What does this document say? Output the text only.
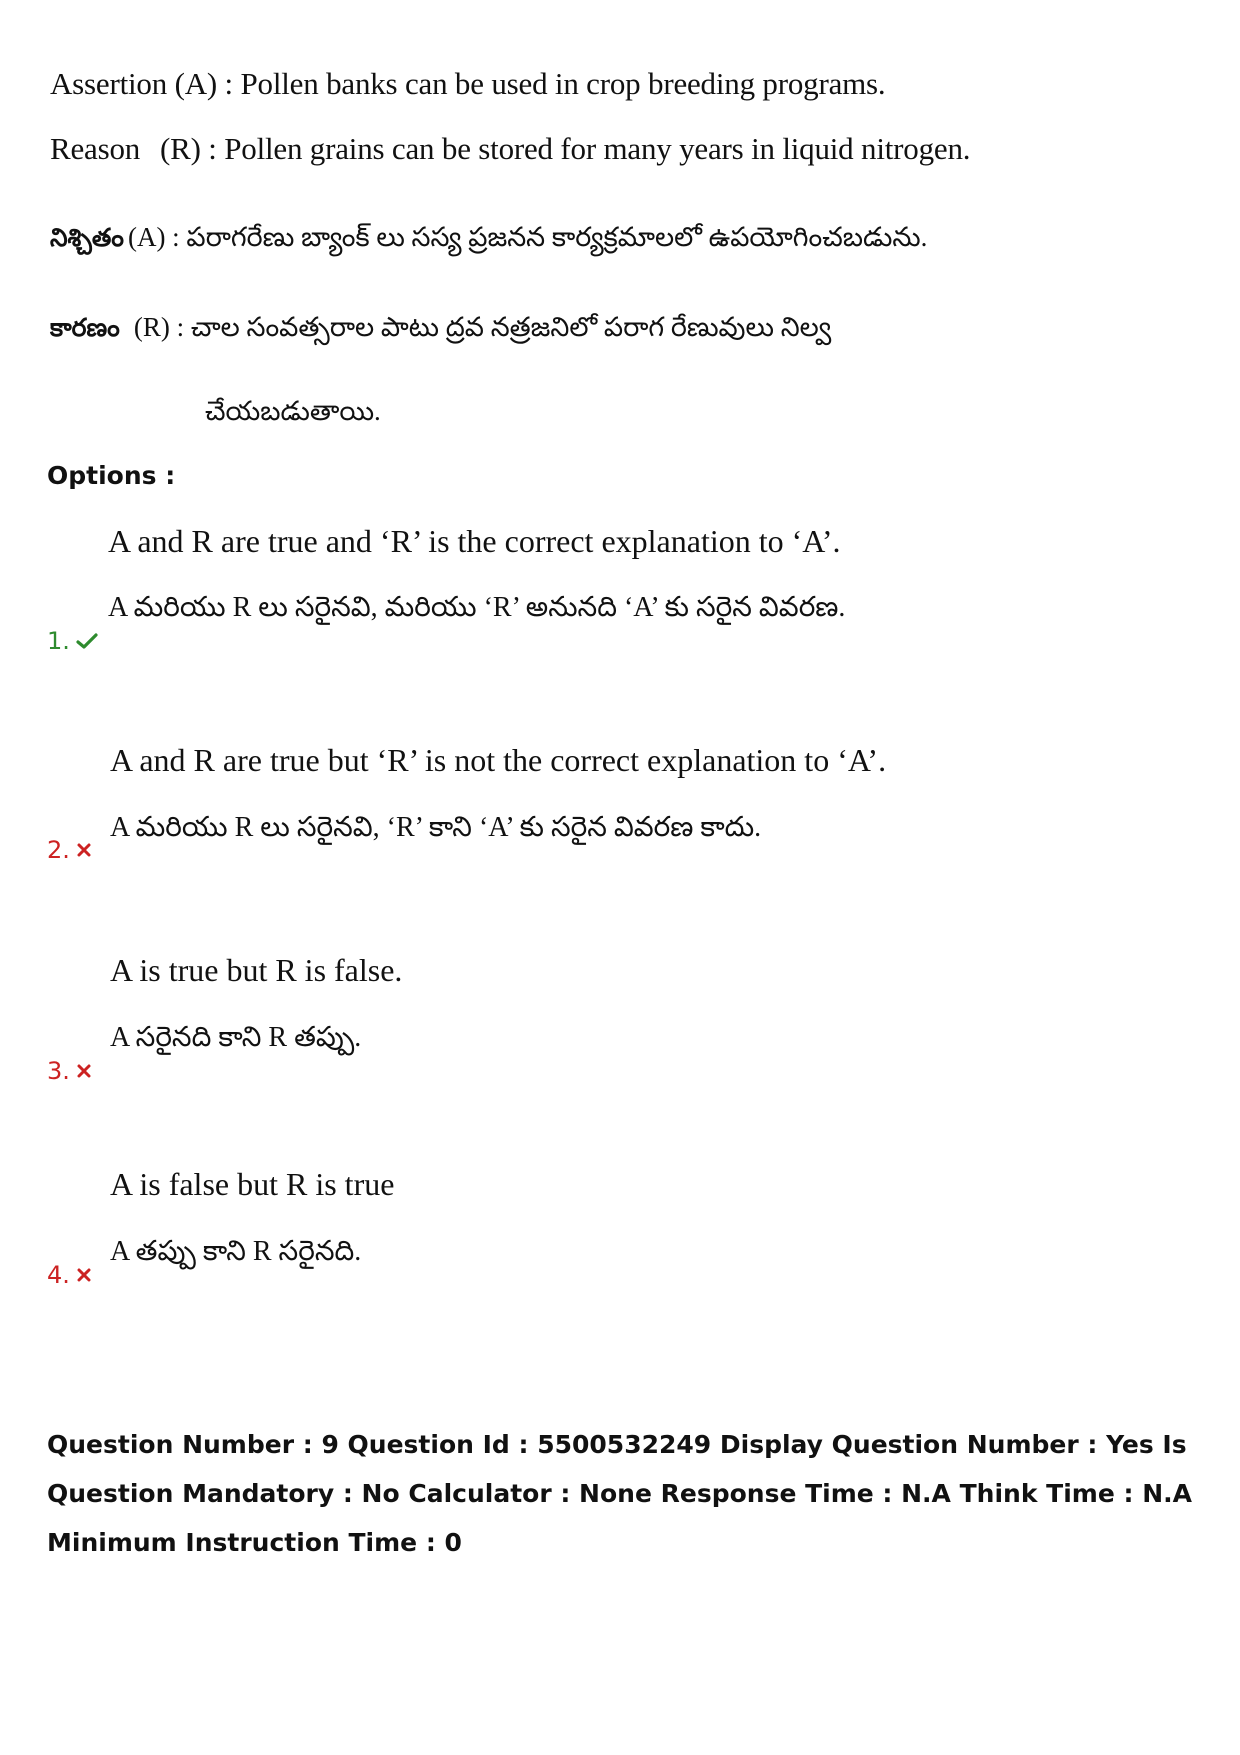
Assertion (A) : Pollen banks can be used in crop breeding programs.
Reason (R) : Pollen grains can be stored for many years in liquid nitrogen.
నిశ్చితం (A) : పరాగరేణు బ్యాంక్ లు సస్య ప్రజనన కార్యక్రమాలలో ఉపయోగించబడును.
కారణం (R) : చాల సంవత్సరాల పాటు ద్రవ నత్రజనిలో పరాగ రేణువులు నిల్వ
చేయబడుతాయి.
Options :
A and R are true and ‘R’ is the correct explanation to ‘A’.
A మరియు R లు సరైనవి, మరియు ‘R’ అనునది ‘A’ కు సరైన వివరణ.
1.
A and R are true but ‘R’ is not the correct explanation to ‘A’.
A మరియు R లు సరైనవి, ‘R’ కాని ‘A’ కు సరైన వివరణ కాదు.
2.
A is true but R is false.
A సరైనది కాని R తప్పు.
3.
A is false but R is true
A తప్పు కాని R సరైనది.
4.
Question Number : 9 Question Id : 5500532249 Display Question Number : Yes Is Question Mandatory : No Calculator : None Response Time : N.A Think Time : N.A Minimum Instruction Time : 0
